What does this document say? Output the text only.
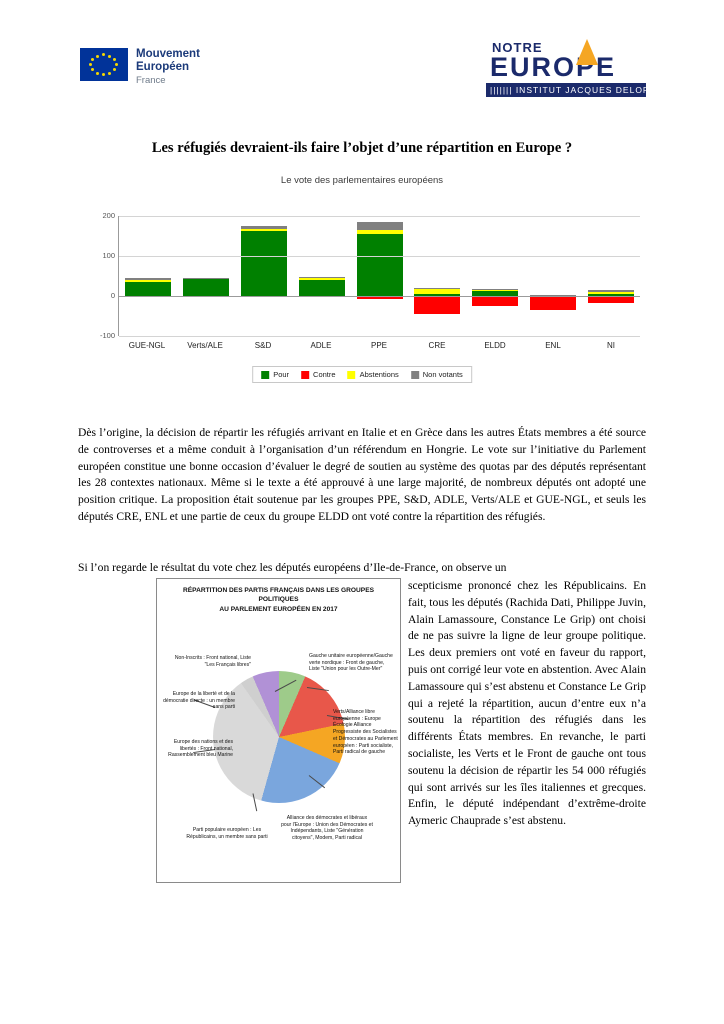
Mouvement
Européen
France
NOTRE
EUROPE
||||||| INSTITUT JACQUES DELORS
Les réfugiés devraient-ils faire l’objet d’une répartition en Europe ?
Le vote des parlementaires européens
-100
0
100
200
GUE-NGL	Verts/ALE	S&D	ADLE	PPE	CRE	ELDD	ENL	NI
Pour	Contre	Abstentions	Non votants
Dès l’origine, la décision de répartir les réfugiés arrivant en Italie et en Grèce dans les autres États membres a été source de controverses et a même conduit à l’organisation d’un référendum en Hongrie. Le vote sur l’initiative du Parlement européen constitue une bonne occasion d’évaluer le degré de soutien au système des quotas par des députés représentant les 28 contextes nationaux. Même si le texte a été approuvé à une large majorité, de nombreux députés ont adopté une position critique. La proposition était soutenue par les groupes PPE, S&D, ADLE, Verts/ALE et GUE-NGL, et seuls les députés CRE, ENL et une partie de ceux du groupe ELDD ont voté contre la répartition des réfugiés.
Si l’on regarde le résultat du vote chez les députés européens d’Ile-de-France, on observe un
RÉPARTITION DES PARTIS FRANÇAIS DANS LES GROUPES POLITIQUES
AU PARLEMENT EUROPÉEN EN 2017
Gauche unitaire européenne/Gauche verte nordique : Front de gauche, Liste "Union pour les Outre-Mer"
Verts/Alliance libre européenne : Europe Écologie Alliance Progressiste des Socialistes et Démocrates au Parlement européen : Parti socialiste, Parti radical de gauche
Alliance des démocrates et libéraux pour l'Europe : Union des Démocrates et Indépendants, Liste "Génération citoyens", Modem, Parti radical
Parti populaire européen : Les Républicains, un membre sans parti
Europe des nations et des libertés : Front national, Rassemblement bleu Marine
Europe de la liberté et de la démocratie directe : un membre sans parti
Non-Inscrits : Front national, Liste "Les Français libres"
scepticisme prononcé chez les Républicains. En fait, tous les députés (Rachida Dati, Philippe Juvin, Alain Lamassoure, Constance Le Grip) ont choisi de ne pas suivre la ligne de leur groupe politique. Les deux premiers ont voté en faveur du rapport, puis ont corrigé leur vote en abstention. Avec Alain Lamassoure qui s’est abstenu et Constance Le Grip qui a rejeté la répartition, aucun d’entre eux n’a soutenu la répartition des réfugiés dans les différents États membres. En revanche, le parti socialiste, les Verts et le Front de gauche ont tous soutenu la décision de répartir les 54 000 réfugiés qui sont arrivés sur les îles italiennes et grecques. Enfin, le député indépendant d’extrême-droite Aymeric Chauprade s’est abstenu.
